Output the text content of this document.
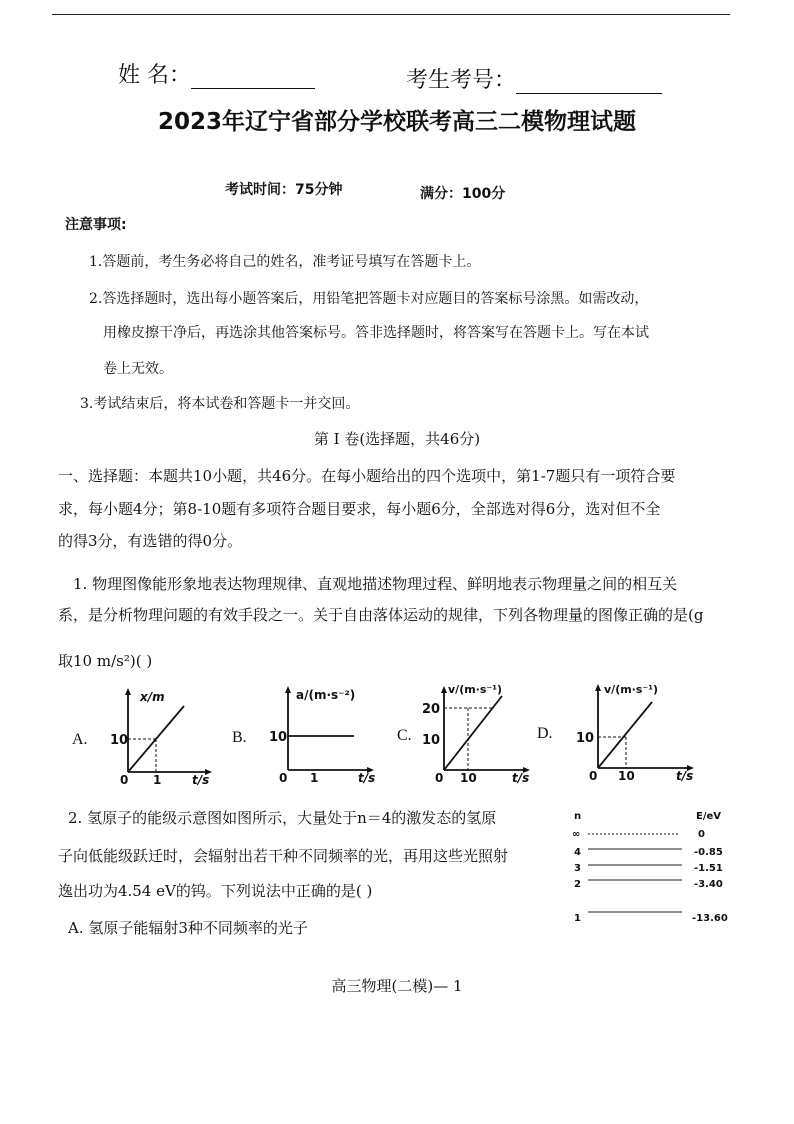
姓 名：	考生考号：
2023年辽宁省部分学校联考高三二模物理试题
考试时间：75分钟	满分：100分
注意事项:
1.答题前，考生务必将自己的姓名，准考证号填写在答题卡上。
2.答选择题时，选出每小题答案后，用铅笔把答题卡对应题目的答案标号涂黑。如需改动，
用橡皮擦干净后，再选涂其他答案标号。答非选择题时，将答案写在答题卡上。写在本试
卷上无效。
3.考试结束后，将本试卷和答题卡一并交回。
第 I 卷(选择题，共46分)
一、选择题：本题共10小题，共46分。在每小题给出的四个选项中，第1-7题只有一项符合要
求，每小题4分；第8-10题有多项符合题目要求，每小题6分，全部选对得6分，选对但不全
的得3分，有选错的得0分。
1. 物理图像能形象地表达物理规律、直观地描述物理过程、鲜明地表示物理量之间的相互关
系，是分析物理问题的有效手段之一。关于自由落体运动的规律，下列各物理量的图像正确的是(g
取10 m/s²)( )
A.
x/m
t/s
10
1
0
B.
a/(m·s⁻²)
t/s
10
1
0
C.
v/(m·s⁻¹)
t/s
20
10
10
0
D.
v/(m·s⁻¹)
t/s
10
10
0
2. 氢原子的能级示意图如图所示，大量处于n＝4的激发态的氢原
子向低能级跃迁时，会辐射出若干种不同频率的光，再用这些光照射
逸出功为4.54 eV的钨。下列说法中正确的是( )
A. 氢原子能辐射3种不同频率的光子
n	E/eV
∞	0
4	-0.85
3	-1.51
2	-3.40
1	-13.60
高三物理(二模)— 1
